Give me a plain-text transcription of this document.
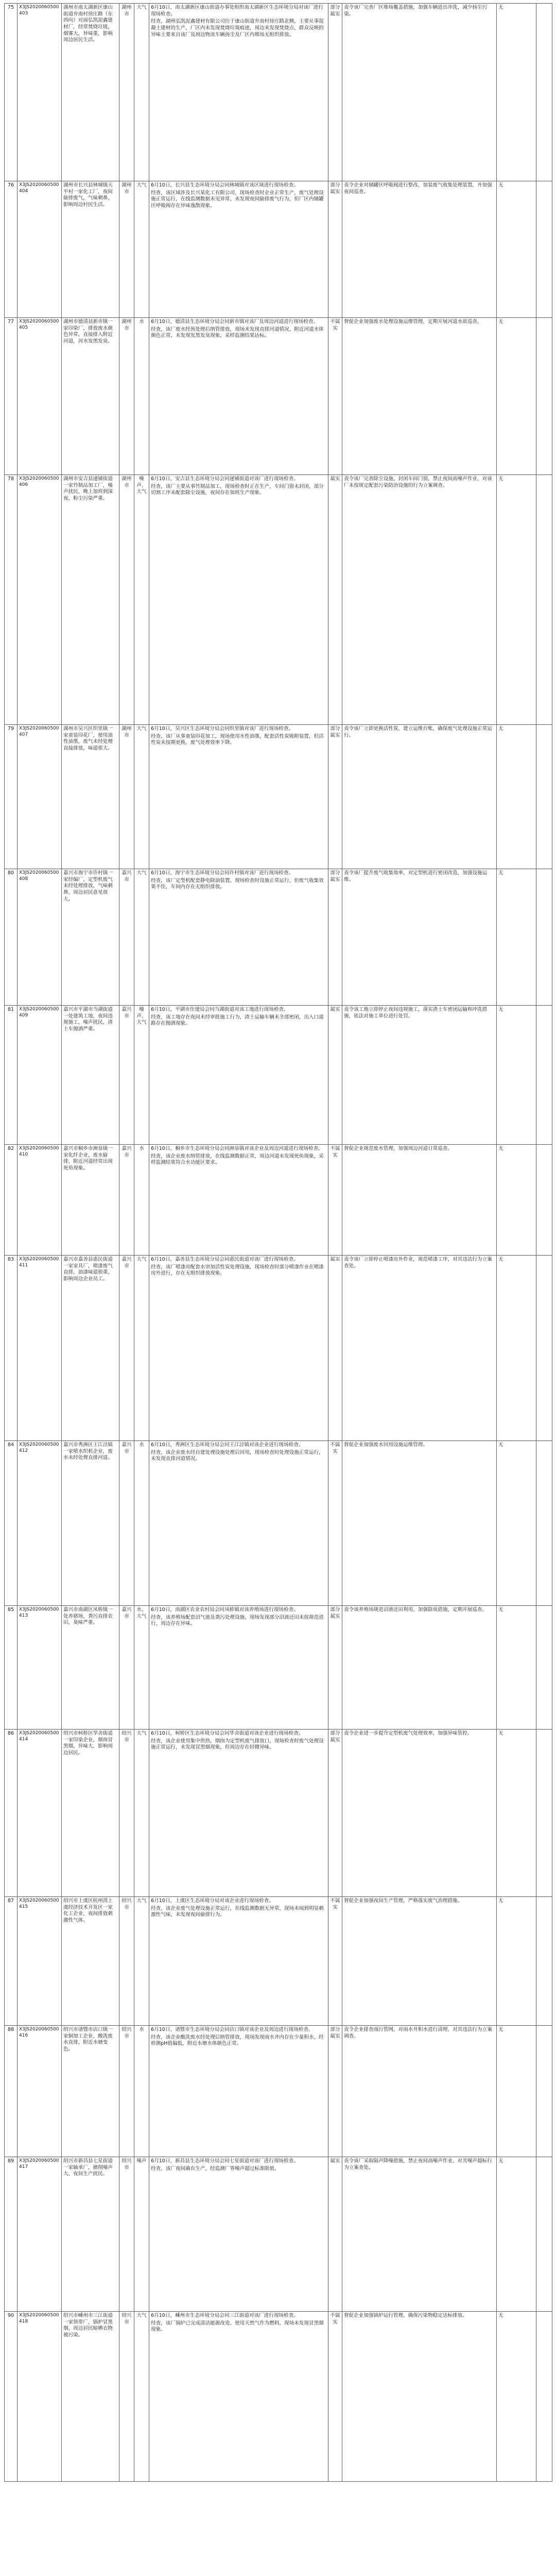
75	X3JS2020060500403	湖州市南太湖新区康山街道弁南村徐庄路（东西向）对面弘凯泥鑫建材厂，经常焚烧垃圾，烟雾大，异味重，影响周边居民生活。	湖州市	大气	6月10日，南太湖新区康山街道办事处组织南太湖新区生态环境分局对该厂进行现场检查。
经查，湖州弘凯泥鑫建材有限公司位于康山街道弁南村徐庄路北侧，主要从事混凝土建材的生产，厂区内未发现焚烧垃圾痕迹，周边未发现焚烧点，群众反映的异味主要来自该厂及周边物流车辆扬尘及厂区内堆场无组织排放。	部分属实	责令该厂完善厂区堆场覆盖措施，加强车辆进出冲洗，减少扬尘污染。	无	
76	X3JS2020060500404	湖州市长兴县林城镇天平村一家化工厂，夜间偷排废气，气味刺鼻，影响周边村民生活。	湖州市	大气	6月10日，长兴县生态环境分局会同林城镇对该区域进行现场检查。
经查，该区域涉及长兴某化工有限公司，现场检查时企业正常生产，废气处理设施正常运行，在线监测数据未见异常，未发现夜间偷排废气行为，但厂区内储罐区呼吸阀存在异味逸散现象。	部分属实	责令企业对储罐区呼吸阀进行整改，加装废气收集处理装置，并加强夜间巡查。	无	
77	X3JS2020060500405	湖州市德清县新市镇一家印染厂，排放废水颜色异常，直接排入附近河道，河水发黑发臭。	湖州市	水	6月10日，德清县生态环境分局会同新市镇对该厂及周边河道进行现场检查。
经查，该厂废水经预处理后纳管排放，现场未发现直排河道情况，附近河道水体颜色正常，未发现发黑发臭现象，采样监测结果达标。	不属实	督促企业加强废水处理设施运维管理，定期开展河道水质巡查。	无	
78	X3JS2020060500406	湖州市安吉县递铺街道一家竹制品加工厂，噪声扰民，晚上加班到深夜，粉尘污染严重。	湖州市	噪声、大气	6月10日，安吉县生态环境分局会同递铺街道对该厂进行现场检查。
经查，该厂主要从事竹制品加工，现场检查时正在生产，车间门窗未封闭，部分切割工序未配套除尘设施，夜间存在加班生产现象。	属实	责令该厂完善除尘设施，封闭车间门窗，禁止夜间高噪声作业，对该厂未按规定配套污染防治设施的行为立案调查。	无	
79	X3JS2020060500407	湖州市吴兴区织里镇一家童装印花厂，使用油性油墨，废气未经处理直接排放，味道很大。	湖州市	大气	6月10日，吴兴区生态环境分局会同织里镇对该厂进行现场检查。
经查，该厂从事童装印花加工，现场使用水性油墨，配套活性炭吸附装置，但活性炭未按期更换，废气处理效率下降。	部分属实	责令该厂立即更换活性炭，建立运维台账，确保废气处理设施正常运行。	无	
80	X3JS2020060500408	嘉兴市海宁市许村镇一家经编厂，定型机废气未经处理排放，气味刺鼻，周边居民意见很大。	嘉兴市	大气	6月10日，海宁市生态环境分局会同许村镇对该厂进行现场检查。
经查，该厂定型机配套静电除油装置，现场检查时设施正常运行，但废气收集效果不佳，车间内存在无组织排放。	部分属实	责令该厂提升废气收集效率，对定型机进行密闭改造，加强设施运维。	无	
81	X3JS2020060500409	嘉兴市平湖市当湖街道一处建筑工地，夜间违规施工，噪声扰民，渣土车抛洒严重。	嘉兴市	噪声、大气	6月10日，平湖市住建局会同当湖街道对该工地进行现场检查。
经查，该工地存在夜间未经审批施工行为，渣土运输车辆未全部密闭，出入口道路存在抛洒现象。	属实	责令该工地立即停止夜间违规施工，落实渣土车密闭运输和冲洗措施，依法对施工单位进行处罚。	无	
82	X3JS2020060500410	嘉兴市桐乡市洲泉镇一家化纤企业，废水偷排，附近河道经常出现死鱼现象。	嘉兴市	水	6月10日，桐乡市生态环境分局会同洲泉镇对该企业及周边河道进行现场检查。
经查，该企业废水纳管排放，在线监测数据正常，周边河道未发现死鱼现象，采样监测结果符合水功能区要求。	不属实	督促企业规范废水管理，加强周边河道日常巡查。	无	
83	X3JS2020060500411	嘉兴市嘉善县惠民街道一家家具厂，喷漆废气直排，油漆味道很重，影响周边企业员工。	嘉兴市	大气	6月10日，嘉善县生态环境分局会同惠民街道对该厂进行现场检查。
经查，该厂喷漆房配套水帘加活性炭处理设施，现场检查时部分喷漆作业在喷漆房外进行，存在无组织排放现象。	属实	责令该厂立即停止喷漆房外作业，规范喷漆工序，对其违法行为立案查处。	无	
84	X3JS2020060500412	嘉兴市秀洲区王江泾镇一家喷水织机企业，废水未经处理直排河道。	嘉兴市	水	6月10日，秀洲区生态环境分局会同王江泾镇对该企业进行现场检查。
经查，该企业废水经自建处理设施处理后回用，现场检查时处理设施正常运行，未发现直排河道情况。	不属实	督促企业加强废水回用设施运维管理。	无	
85	X3JS2020060500413	嘉兴市南湖区凤桥镇一处养猪场，粪污直排农田，臭味严重。	嘉兴市	水、大气	6月10日，南湖区农业农村局会同凤桥镇对该养殖场进行现场检查。
经查，该养殖场配套沼气池及粪污处理设施，现场发现部分沼液还田未按规范进行，周边存在异味。	部分属实	责令该养殖场规范沼液还田利用，加强除臭措施，定期开展巡查。	无	
86	X3JS2020060500414	绍兴市柯桥区华舍街道一家印染企业，烟囱冒黑烟，异味大，影响周边居民。	绍兴市	大气	6月10日，柯桥区生态环境分局会同华舍街道对该企业进行现场检查。
经查，该企业使用集中供热，烟囱为定型机废气排放口，现场检查时废气处理设施正常运行，未发现冒黑烟现象，但周边存在轻微异味。	部分属实	责令企业进一步提升定型机废气处理效率，加强异味管控。	无	
87	X3JS2020060500415	绍兴市上虞区杭州湾上虞经济技术开发区一家化工企业，夜间排放刺激性气体。	绍兴市	大气	6月10日，上虞区生态环境分局对该企业进行现场检查。
经查，该企业废气处理设施正常运行，在线监测数据无异常，现场未闻到明显刺激性气味，未发现夜间偷排行为。	不属实	督促企业加强夜间生产管理，严格落实废气治理措施。	无	
88	X3JS2020060500416	绍兴市诸暨市店口镇一家铜加工企业，酸洗废水直排，附近水塘变色。	绍兴市	水	6月10日，诸暨市生态环境分局会同店口镇对该企业及周边进行现场检查。
经查，该企业酸洗废水经处理后纳管排放，现场发现雨水井内存在少量积水，经检测pH值偏低，附近水塘水体颜色正常。	部分属实	责令企业排查雨污管网，对雨水井积水进行清理，对其违法行为立案调查。	无	
89	X3JS2020060500417	绍兴市新昌县七星街道一家轴承厂，磨削噪声大，夜间生产扰民。	绍兴市	噪声	6月10日，新昌县生态环境分局会同七星街道对该厂进行现场检查。
经查，该厂夜间确有生产，经监测厂界噪声超过标准限值。	属实	责令该厂采取隔声降噪措施，禁止夜间高噪声作业，对其噪声超标行为立案查处。	无	
90	X3JS2020060500418	绍兴市嵊州市三江街道一家领带厂，锅炉冒黑烟，周边居民晾晒衣物被污染。	绍兴市	大气	6月10日，嵊州市生态环境分局会同三江街道对该厂进行现场检查。
经查，该厂锅炉已完成清洁能源改造，使用天然气作为燃料，现场未发现冒黑烟现象。	不属实	督促企业加强锅炉运行管理，确保污染物稳定达标排放。	无	
